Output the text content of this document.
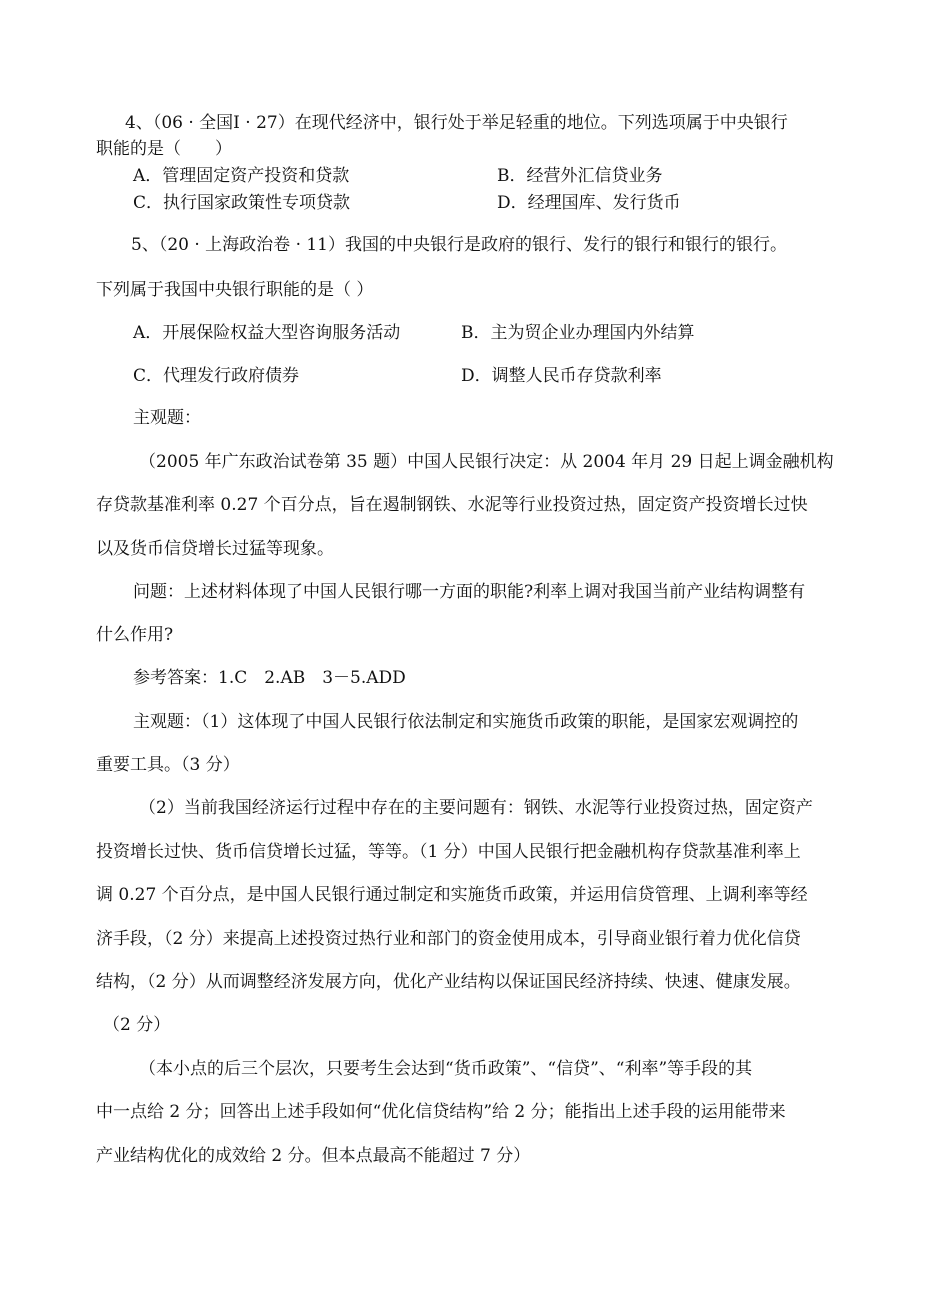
4、（06 · 全国Ⅰ · 27）在现代经济中，银行处于举足轻重的地位。下列选项属于中央银行
职能的是（　　）
A．管理固定资产投资和贷款	B．经营外汇信贷业务
C．执行国家政策性专项贷款	D．经理国库、发行货币
5、（20 · 上海政治卷 · 11）我国的中央银行是政府的银行、发行的银行和银行的银行。
下列属于我国中央银行职能的是（ ）
A．开展保险权益大型咨询服务活动	B．主为贸企业办理国内外结算
C．代理发行政府债券	D．调整人民币存贷款利率
主观题：
（2005 年广东政治试卷第 35 题）中国人民银行决定：从 2004 年月 29 日起上调金融机构
存贷款基准利率 0.27 个百分点，旨在遏制钢铁、水泥等行业投资过热，固定资产投资增长过快
以及货币信贷增长过猛等现象。
问题：上述材料体现了中国人民银行哪一方面的职能?利率上调对我国当前产业结构调整有
什么作用?
参考答案：1.C　2.AB　3－5.ADD
主观题：（1）这体现了中国人民银行依法制定和实施货币政策的职能，是国家宏观调控的
重要工具。（3 分）
（2）当前我国经济运行过程中存在的主要问题有：钢铁、水泥等行业投资过热，固定资产
投资增长过快、货币信贷增长过猛，等等。（1 分）中国人民银行把金融机构存贷款基准利率上
调 0.27 个百分点，是中国人民银行通过制定和实施货币政策，并运用信贷管理、上调利率等经
济手段，（2 分）来提高上述投资过热行业和部门的资金使用成本，引导商业银行着力优化信贷
结构，（2 分）从而调整经济发展方向，优化产业结构以保证国民经济持续、快速、健康发展。
（2 分）
（本小点的后三个层次，只要考生会达到“货币政策”、“信贷”、“利率”等手段的其
中一点给 2 分；回答出上述手段如何“优化信贷结构”给 2 分；能指出上述手段的运用能带来
产业结构优化的成效给 2 分。但本点最高不能超过 7 分）
